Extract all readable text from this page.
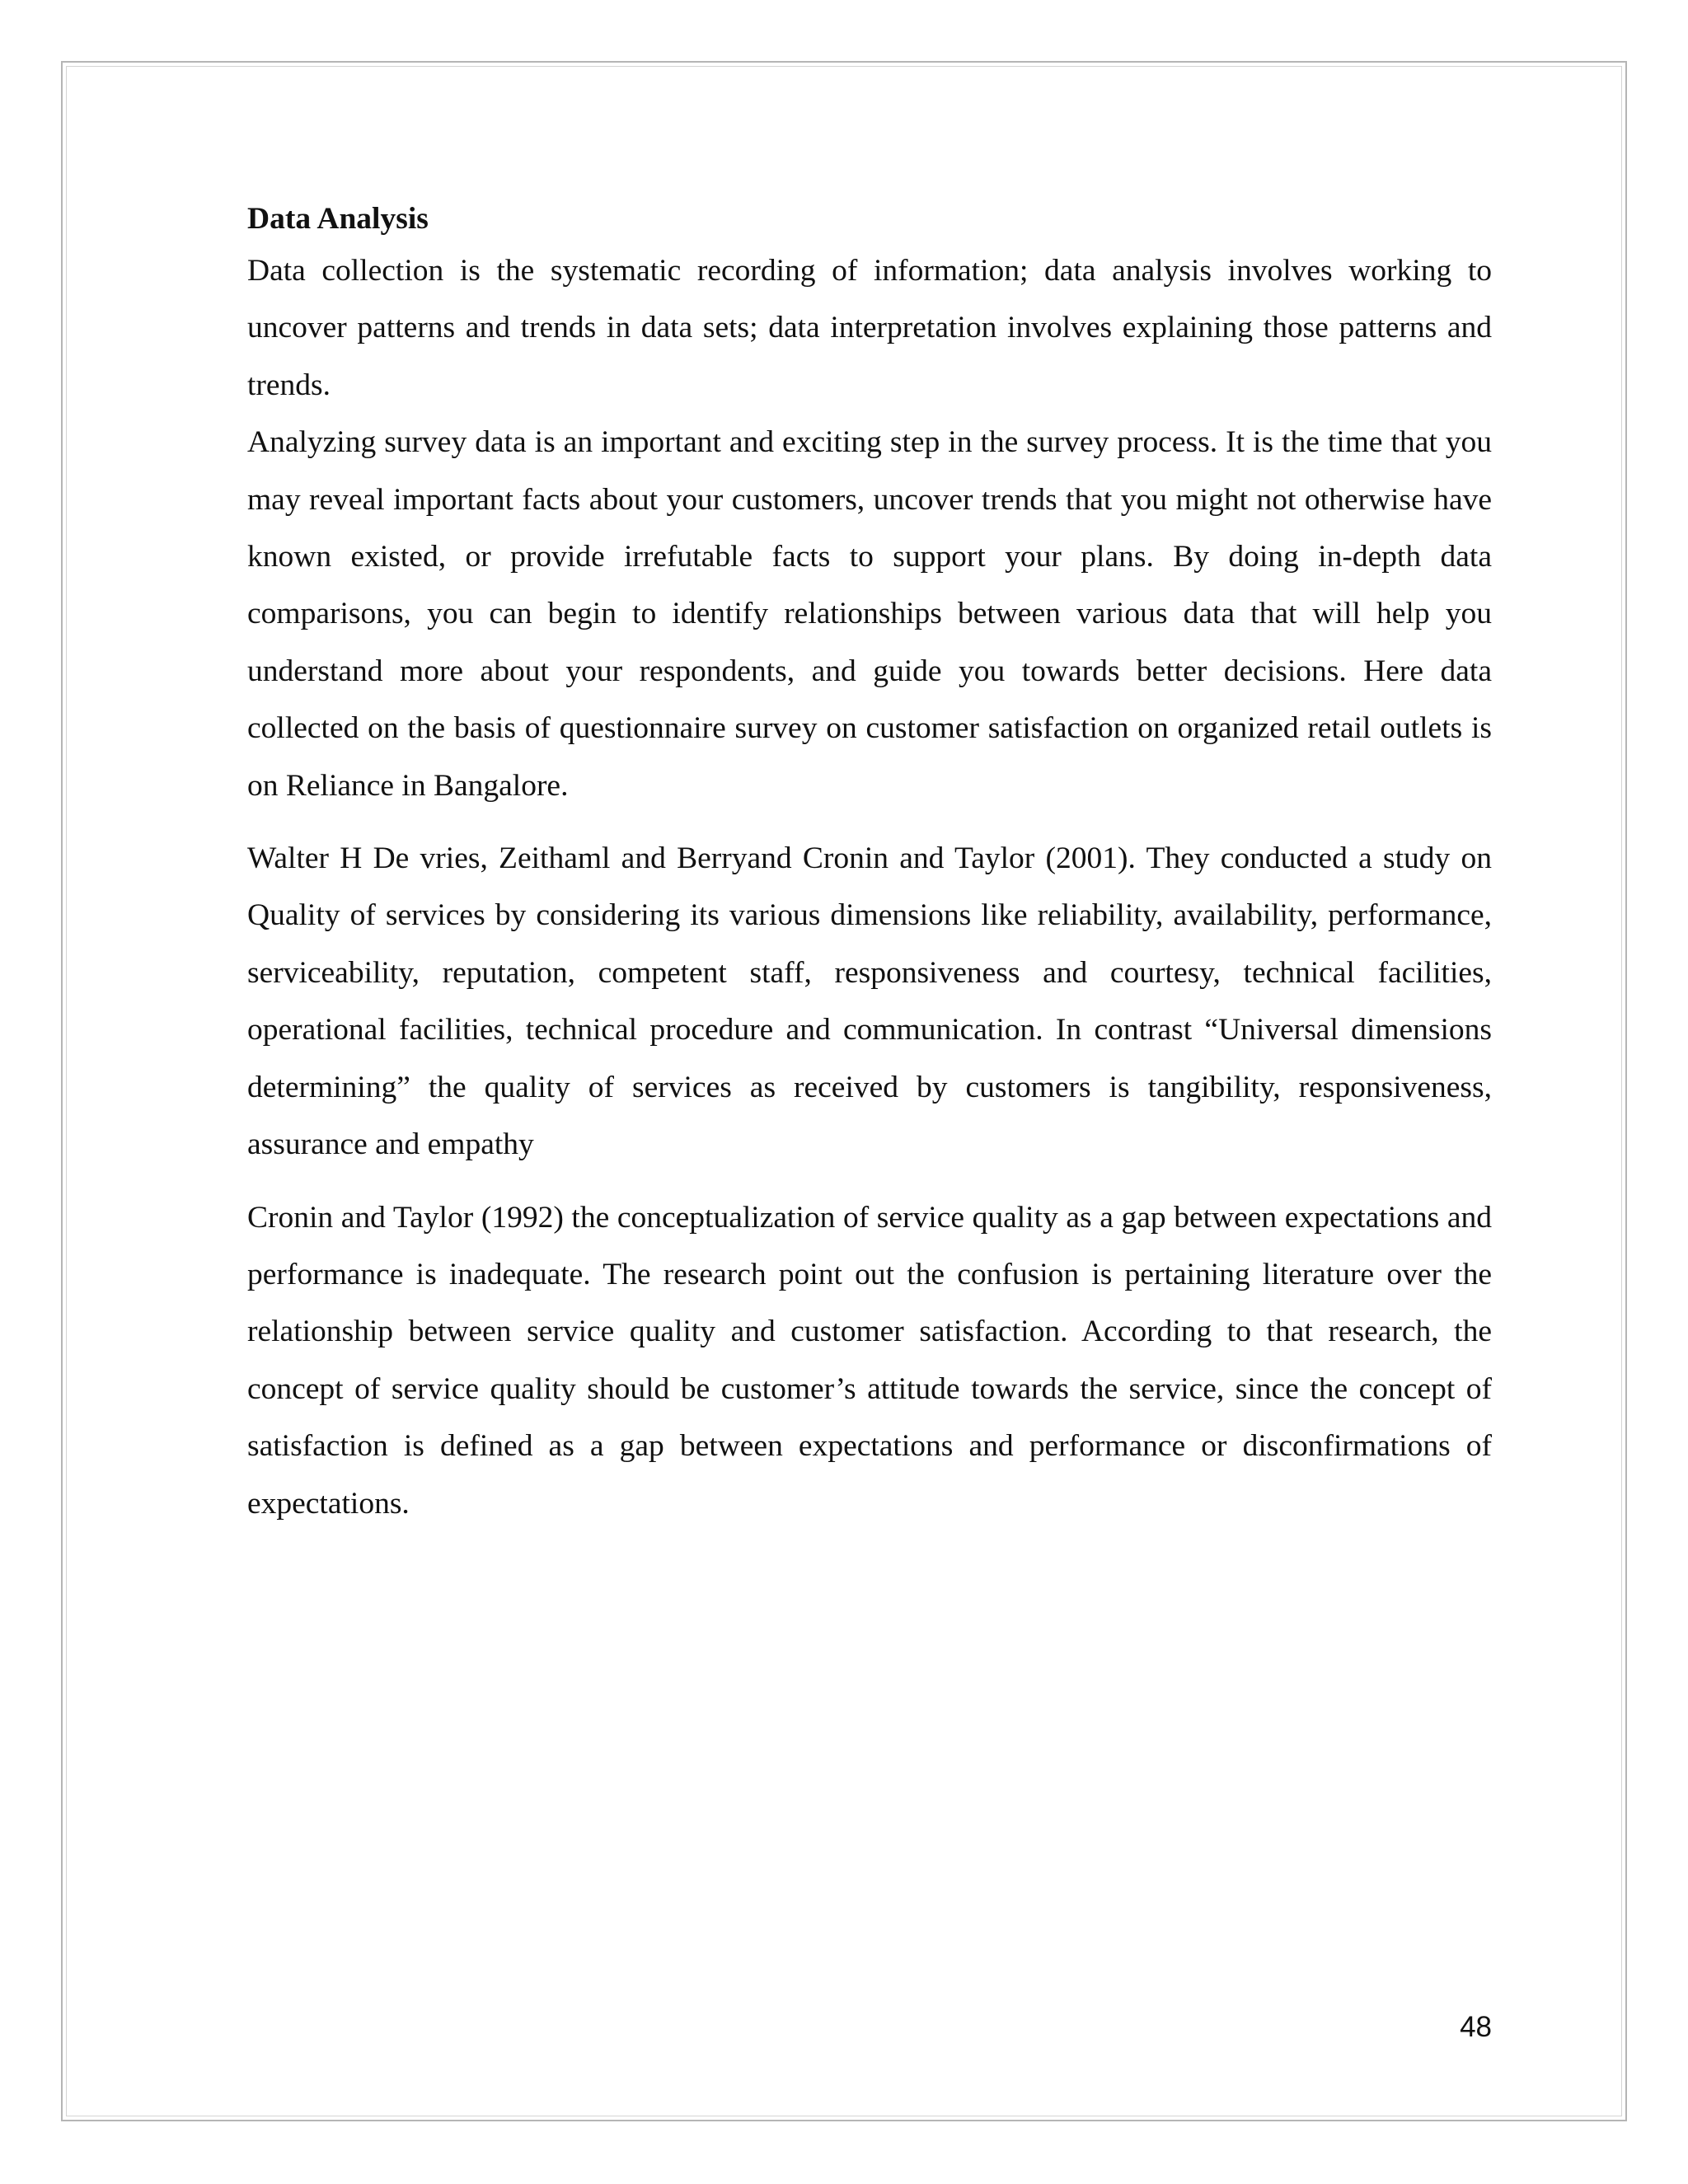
Data Analysis

Data collection is the systematic recording of information; data analysis involves working to uncover patterns and trends in data sets; data interpretation involves explaining those patterns and trends.

Analyzing survey data is an important and exciting step in the survey process. It is the time that you may reveal important facts about your customers, uncover trends that you might not otherwise have known existed, or provide irrefutable facts to support your plans. By doing in-depth data comparisons, you can begin to identify relationships between various data that will help you understand more about your respondents, and guide you towards better decisions. Here data collected on the basis of questionnaire survey on customer satisfaction on organized retail outlets is on Reliance in Bangalore.

Walter H De vries, Zeithaml and Berryand Cronin and Taylor (2001). They conducted a study on Quality of services by considering its various dimensions like reliability, availability, performance, serviceability, reputation, competent staff, responsiveness and courtesy, technical facilities, operational facilities, technical procedure and communication. In contrast “Universal dimensions determining” the quality of services as received by customers is tangibility, responsiveness, assurance and empathy

Cronin and Taylor (1992) the conceptualization of service quality as a gap between expectations and performance is inadequate. The research point out the confusion is pertaining literature over the relationship between service quality and customer satisfaction. According to that research, the concept of service quality should be customer’s attitude towards the service, since the concept of satisfaction is defined as a gap between expectations and performance or disconfirmations of expectations.

48
